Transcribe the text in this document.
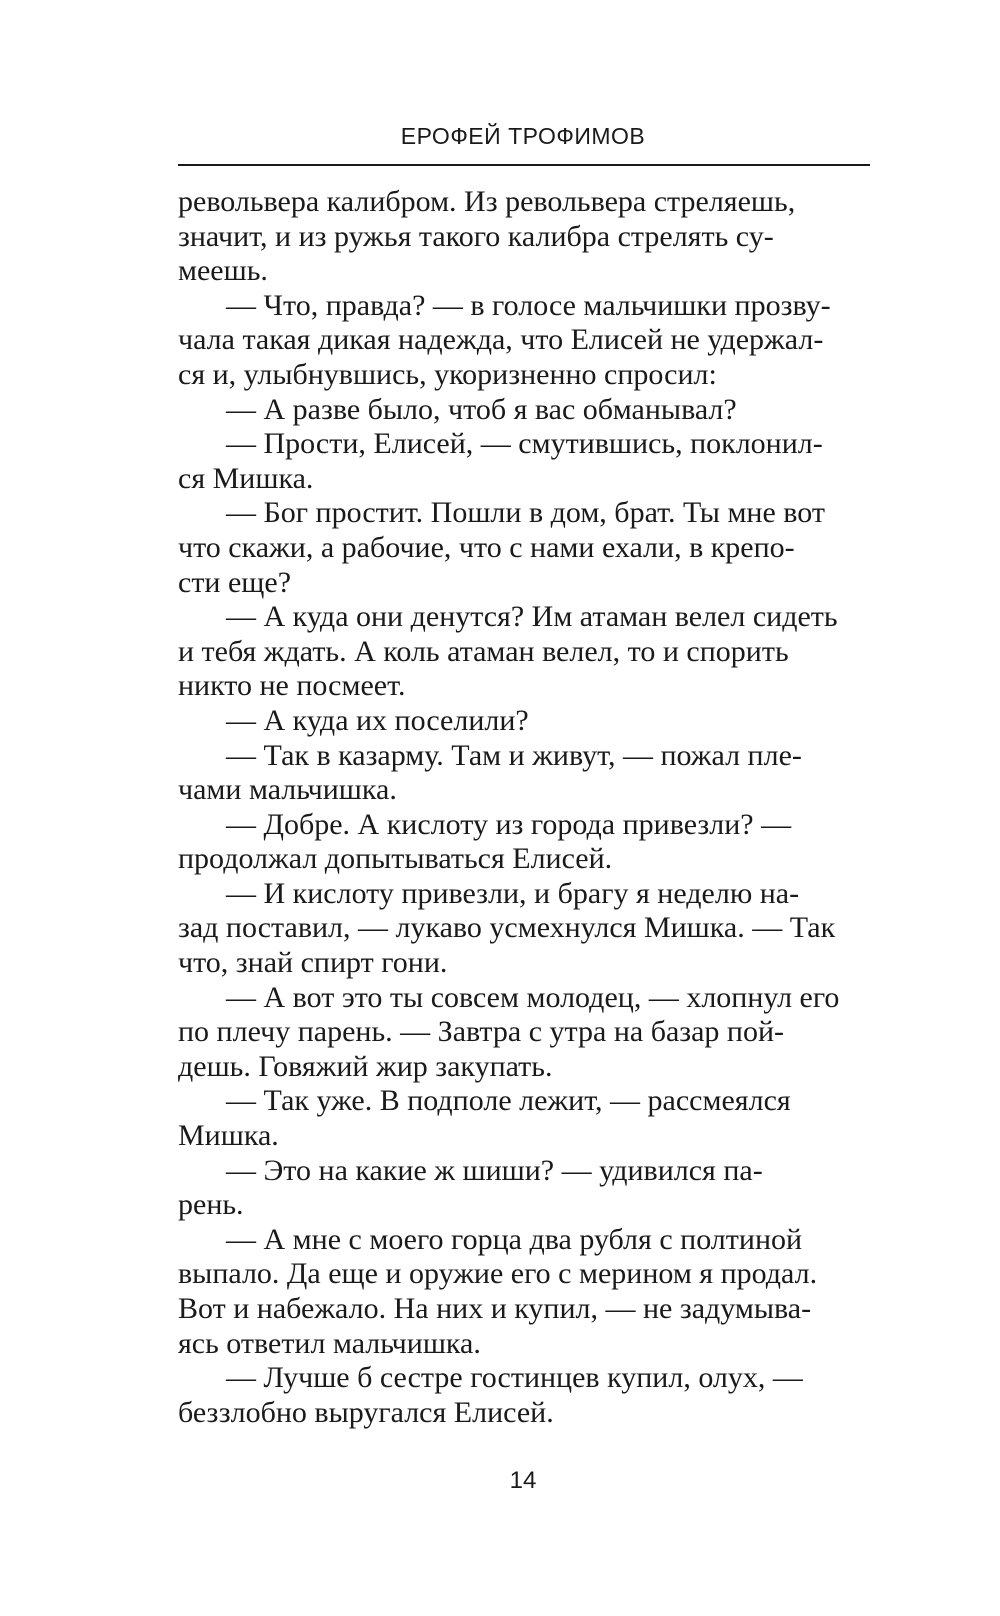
ЕРОФЕЙ ТРОФИМОВ
револьвера калибром. Из револьвера стреляешь,
значит, и из ружья такого калибра стрелять су-
меешь.
— Что, правда? — в голосе мальчишки прозву-
чала такая дикая надежда, что Елисей не удержал-
ся и, улыбнувшись, укоризненно спросил:
— А разве было, чтоб я вас обманывал?
— Прости, Елисей, — смутившись, поклонил-
ся Мишка.
— Бог простит. Пошли в дом, брат. Ты мне вот
что скажи, а рабочие, что с нами ехали, в крепо-
сти еще?
— А куда они денутся? Им атаман велел сидеть
и тебя ждать. А коль атаман велел, то и спорить
никто не посмеет.
— А куда их поселили?
— Так в казарму. Там и живут, — пожал пле-
чами мальчишка.
— Добре. А кислоту из города привезли? —
продолжал допытываться Елисей.
— И кислоту привезли, и брагу я неделю на-
зад поставил, — лукаво усмехнулся Мишка. — Так
что, знай спирт гони.
— А вот это ты совсем молодец, — хлопнул его
по плечу парень. — Завтра с утра на базар пой-
дешь. Говяжий жир закупать.
— Так уже. В подполе лежит, — рассмеялся
Мишка.
— Это на какие ж шиши? — удивился па-
рень.
— А мне с моего горца два рубля с полтиной
выпало. Да еще и оружие его с мерином я продал.
Вот и набежало. На них и купил, — не задумыва-
ясь ответил мальчишка.
— Лучше б сестре гостинцев купил, олух, —
беззлобно выругался Елисей.
14
